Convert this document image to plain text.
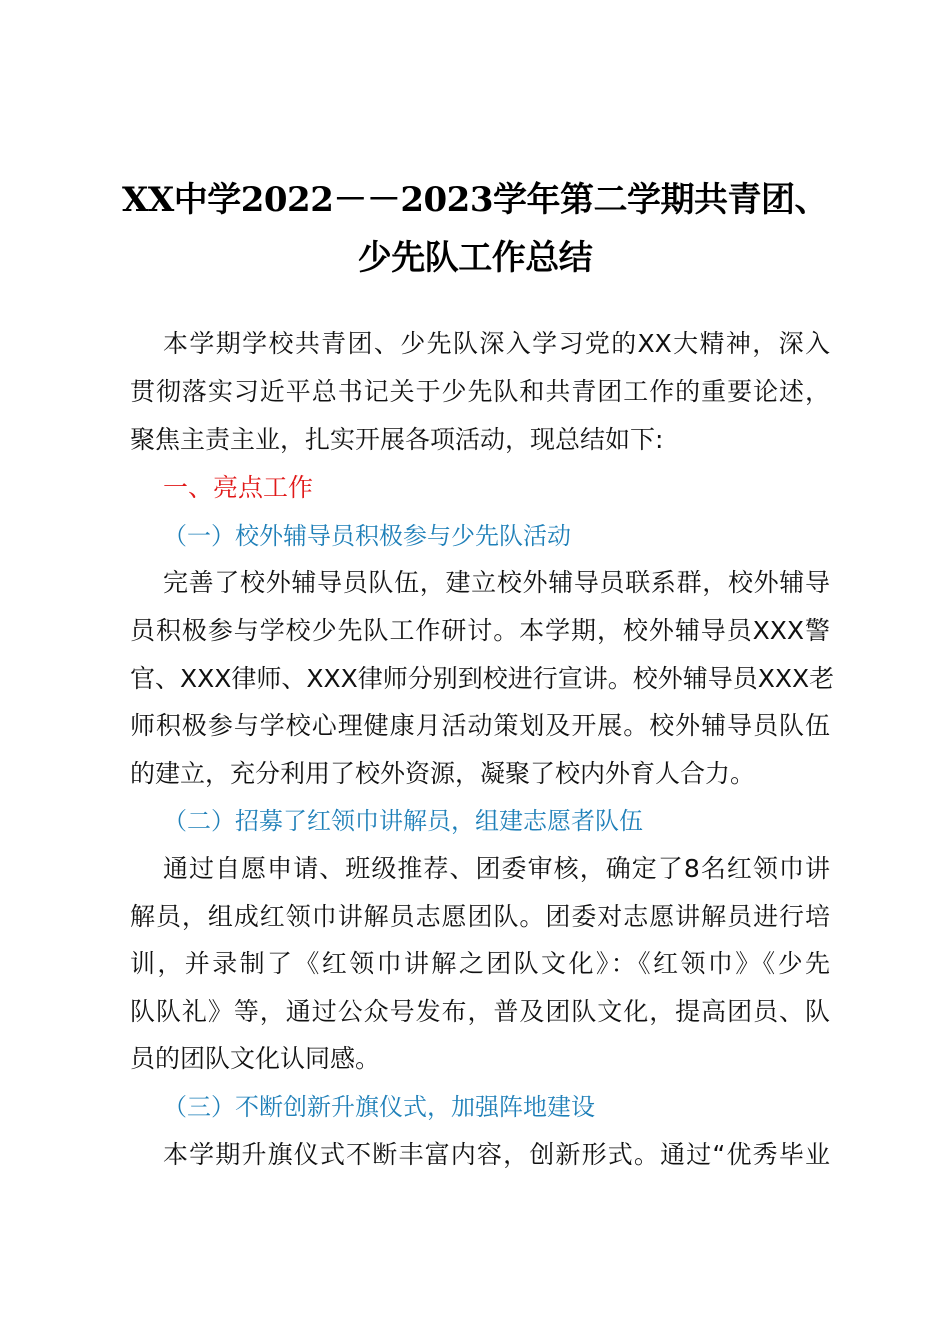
XX中学2022－－2023学年第二学期共青团、
少先队工作总结
本学期学校共青团、少先队深入学习党的XX大精神，深入
贯彻落实习近平总书记关于少先队和共青团工作的重要论述，
聚焦主责主业，扎实开展各项活动，现总结如下:
一、亮点工作
（一）校外辅导员积极参与少先队活动
完善了校外辅导员队伍，建立校外辅导员联系群，校外辅导
员积极参与学校少先队工作研讨。本学期，校外辅导员XXX警
官、XXX律师、XXX律师分别到校进行宣讲。校外辅导员XXX老
师积极参与学校心理健康月活动策划及开展。校外辅导员队伍
的建立，充分利用了校外资源，凝聚了校内外育人合力。
（二）招募了红领巾讲解员，组建志愿者队伍
通过自愿申请、班级推荐、团委审核，确定了8名红领巾讲
解员，组成红领巾讲解员志愿团队。团委对志愿讲解员进行培
训，并录制了《红领巾讲解之团队文化》：《红领巾》《少先
队队礼》等，通过公众号发布，普及团队文化，提高团员、队
员的团队文化认同感。
（三）不断创新升旗仪式，加强阵地建设
本学期升旗仪式不断丰富内容，创新形式。通过“优秀毕业
